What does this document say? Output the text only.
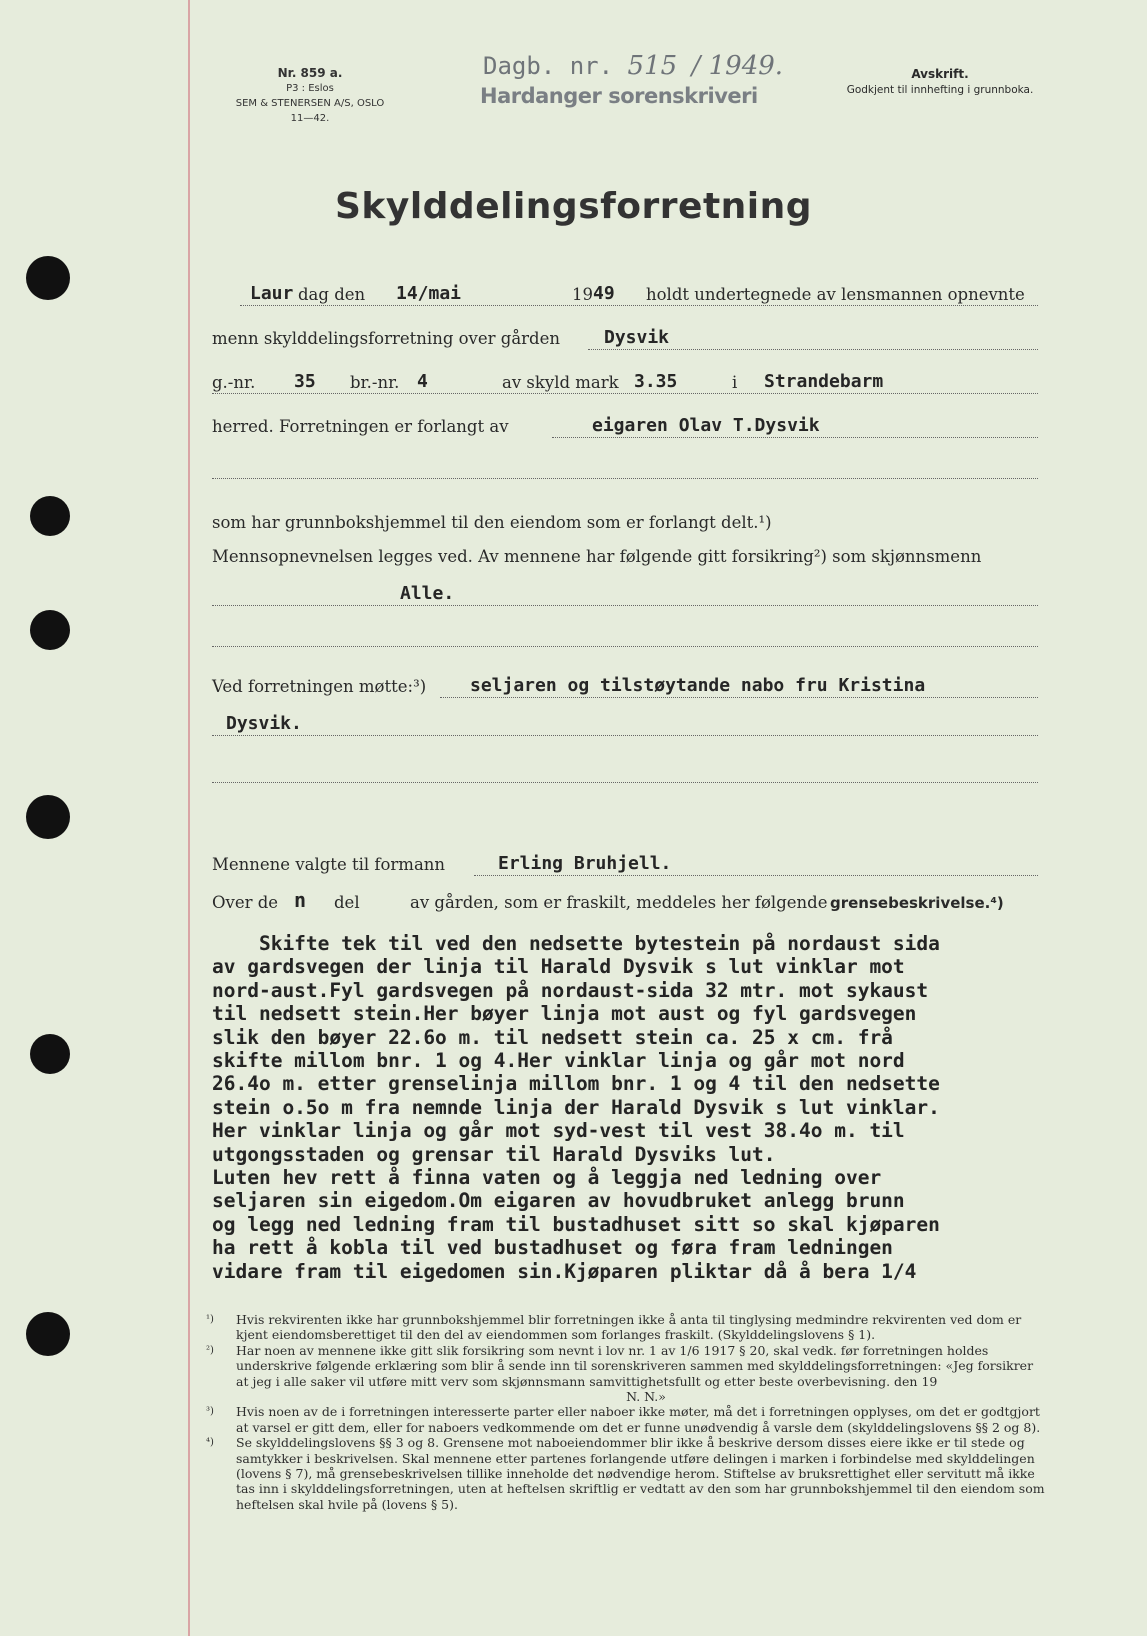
Nr. 859 a.
P3 : Eslos
SEM & STENERSEN A/S, OSLO
11—42.
Dagb. nr. 515 / 1949.
Hardanger sorenskriveri
Avskrift.
Godkjent til innhefting i grunnboka.
Skylddelingsforretning
Laur dag den 14/mai	19 49 holdt undertegnede av lensmannen opnevnte
menn skylddelingsforretning over gården Dysvik
g.-nr. 35 br.-nr. 4	av skyld mark 3.35	i Strandebarm
herred. Forretningen er forlangt av	eigaren Olav T.Dysvik
som har grunnbokshjemmel til den eiendom som er forlangt delt.¹)
Mennsopnevnelsen legges ved. Av mennene har følgende gitt forsikring²) som skjønnsmenn
Alle.
Ved forretningen møtte:³) seljaren og tilstøytande nabo fru Kristina
Dysvik.
Mennene valgte til formann	Erling Bruhjell.
Over de n del	av gården, som er fraskilt, meddeles her følgende grensebeskrivelse.⁴)
Skifte tek til ved den nedsette bytestein på nordaust sida
av gardsvegen der linja til Harald Dysvik s lut vinklar mot
nord-aust.Fyl gardsvegen på nordaust-sida 32 mtr. mot sykaust
til nedsett stein.Her bøyer linja mot aust og fyl gardsvegen
slik den bøyer 22.6o m. til nedsett stein ca. 25 x cm. frå
skifte millom bnr. 1 og 4.Her vinklar linja og går mot nord
26.4o m. etter grenselinja millom bnr. 1 og 4 til den nedsette
stein o.5o m fra nemnde linja der Harald Dysvik s lut vinklar.
Her vinklar linja og går mot syd-vest til vest 38.4o m. til
utgongsstaden og grensar til Harald Dysviks lut.
Luten hev rett å finna vaten og å leggja ned ledning over
seljaren sin eigedom.Om eigaren av hovudbruket anlegg brunn
og legg ned ledning fram til bustadhuset sitt so skal kjøparen
ha rett å kobla til ved bustadhuset og føra fram ledningen
vidare fram til eigedomen sin.Kjøparen pliktar då å bera 1/4
¹) Hvis rekvirenten ikke har grunnbokshjemmel blir forretningen ikke å anta til tinglysing medmindre rekvirenten ved dom er kjent eiendomsberettiget til den del av eiendommen som forlanges fraskilt. (Skylddelingslovens § 1).
²) Har noen av mennene ikke gitt slik forsikring som nevnt i lov nr. 1 av 1/6 1917 § 20, skal vedk. før forretningen holdes underskrive følgende erklæring som blir å sende inn til sorenskriveren sammen med skylddelingsforretningen: «Jeg forsikrer at jeg i alle saker vil utføre mitt verv som skjønnsmann samvittighetsfullt og etter beste overbevisning. den 19
N. N.»
³) Hvis noen av de i forretningen interesserte parter eller naboer ikke møter, må det i forretningen opplyses, om det er godtgjort at varsel er gitt dem, eller for naboers vedkommende om det er funne unødvendig å varsle dem (skylddelingslovens §§ 2 og 8).
⁴) Se skylddelingslovens §§ 3 og 8. Grensene mot naboeiendommer blir ikke å beskrive dersom disses eiere ikke er til stede og samtykker i beskrivelsen. Skal mennene etter partenes forlangende utføre delingen i marken i forbindelse med skylddelingen (lovens § 7), må grensebeskrivelsen tillike inneholde det nødvendige herom. Stiftelse av bruksrettighet eller servitutt må ikke tas inn i skylddelingsforretningen, uten at heftelsen skriftlig er vedtatt av den som har grunnbokshjemmel til den eiendom som heftelsen skal hvile på (lovens § 5).
